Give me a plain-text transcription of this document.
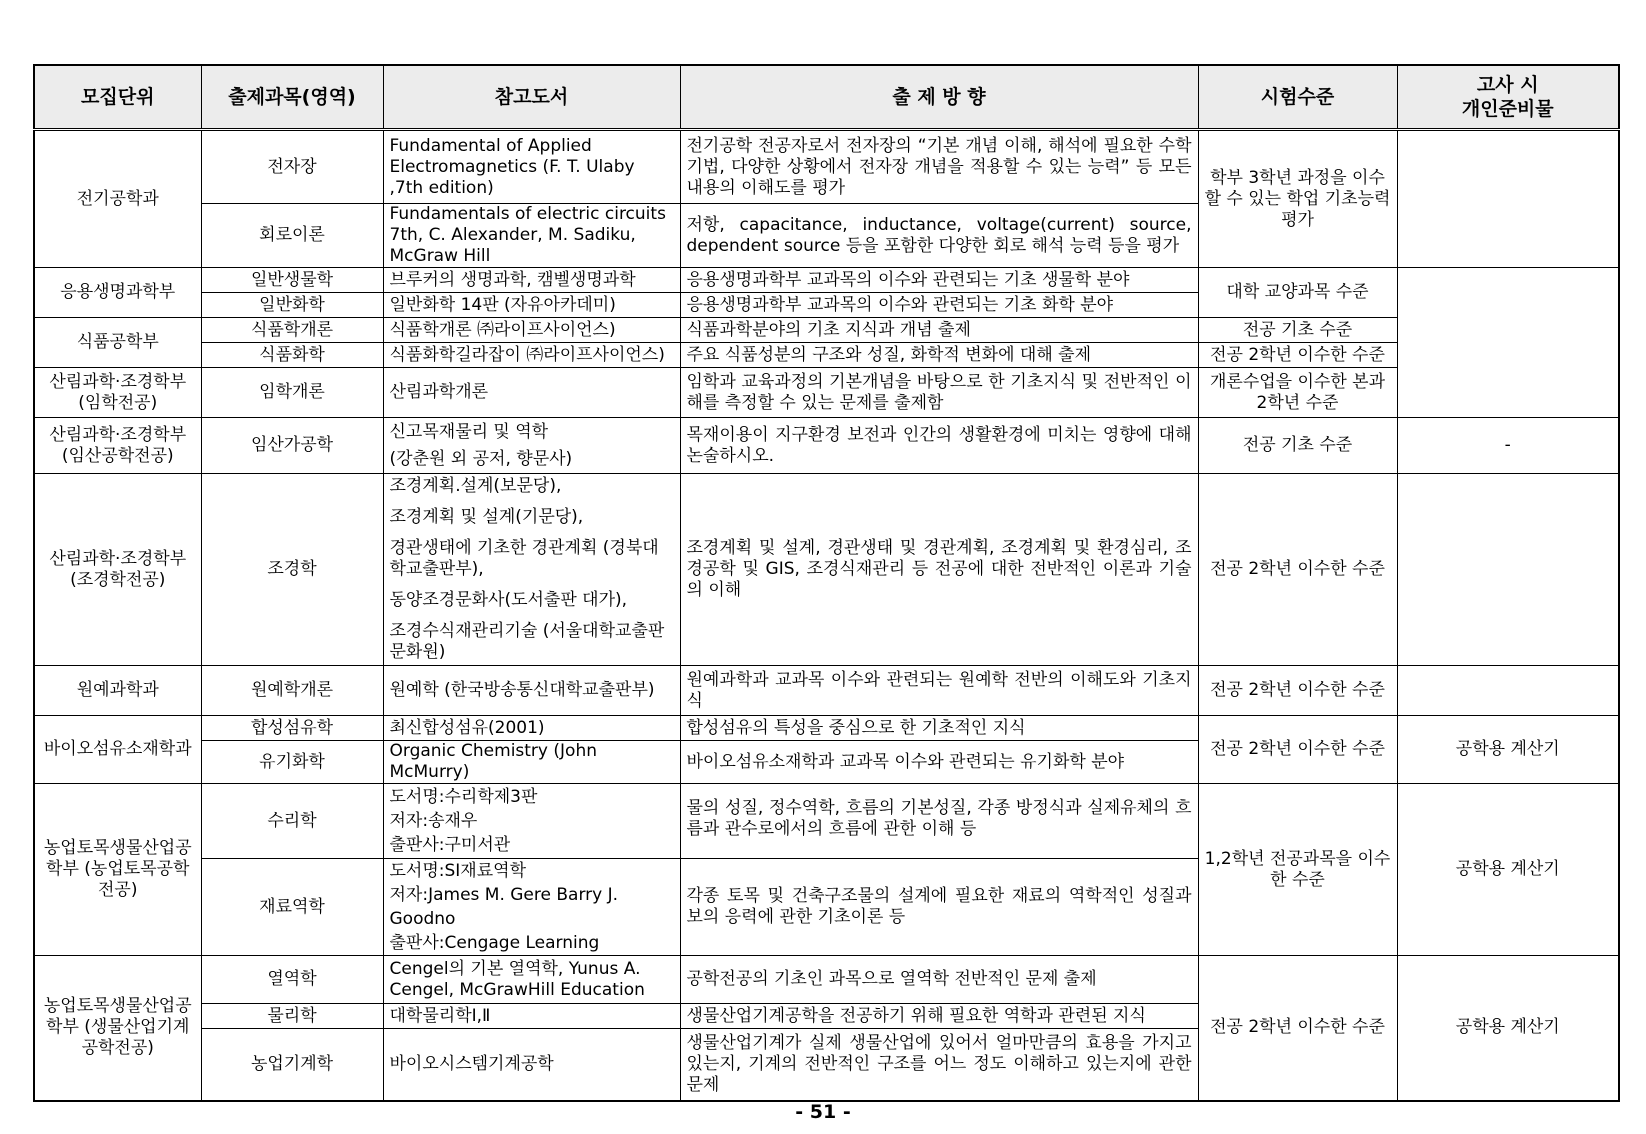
모집단위	출제과목(영역)	참고도서	출 제 방 향	시험수준	고사 시
개인준비물

전기공학과	전자장	Fundamental of Applied Electromagnetics (F. T. Ulaby ,7th edition)	전기공학 전공자로서 전자장의 “기본 개념 이해, 해석에 필요한 수학 기법, 다양한 상황에서 전자장 개념을 적용할 수 있는 능력” 등 모든 내용의 이해도를 평가	학부 3학년 과정을 이수할 수 있는 학업 기초능력 평가	
	회로이론	Fundamentals of electric circuits 7th, C. Alexander, M. Sadiku, McGraw Hill	저항, capacitance, inductance, voltage(current) source, dependent source 등을 포함한 다양한 회로 해석 능력 등을 평가		
응용생명과학부	일반생물학	브루커의 생명과학, 캠벨생명과학	응용생명과학부 교과목의 이수와 관련되는 기초 생물학 분야	대학 교양과목 수준	
	일반화학	일반화학 14판 (자유아카데미)	응용생명과학부 교과목의 이수와 관련되는 기초 화학 분야		
식품공학부	식품학개론	식품학개론 ㈜라이프사이언스)	식품과학분야의 기초 지식과 개념 출제	전공 기초 수준	
	식품화학	식품화학길라잡이 ㈜라이프사이언스)	주요 식품성분의 구조와 성질, 화학적 변화에 대해 출제	전공 2학년 이수한 수준	
산림과학·조경학부 (임학전공)	임학개론	산림과학개론	임학과 교육과정의 기본개념을 바탕으로 한 기초지식 및 전반적인 이해를 측정할 수 있는 문제를 출제함	개론수업을 이수한 본과 2학년 수준	
산림과학·조경학부 (임산공학전공)	임산가공학	신고목재물리 및 역학
(강춘원 외 공저, 향문사)	목재이용이 지구환경 보전과 인간의 생활환경에 미치는 영향에 대해 논술하시오.	전공 기초 수준	-
산림과학·조경학부 (조경학전공)	조경학	조경계획.설계(보문당),
조경계획 및 설계(기문당),
경관생태에 기초한 경관계획 (경북대학교출판부),
동양조경문화사(도서출판 대가),
조경수식재관리기술 (서울대학교출판문화원)	조경계획 및 설계, 경관생태 및 경관계획, 조경계획 및 환경심리, 조경공학 및 GIS, 조경식재관리 등 전공에 대한 전반적인 이론과 기술의 이해	전공 2학년 이수한 수준	
원예과학과	원예학개론	원예학 (한국방송통신대학교출판부)	원예과학과 교과목 이수와 관련되는 원예학 전반의 이해도와 기초지식	전공 2학년 이수한 수준	
바이오섬유소재학과	합성섬유학	최신합성섬유(2001)	합성섬유의 특성을 중심으로 한 기초적인 지식	전공 2학년 이수한 수준	공학용 계산기
	유기화학	Organic Chemistry (John McMurry)	바이오섬유소재학과 교과목 이수와 관련되는 유기화학 분야		
농업토목생물산업공학부 (농업토목공학전공)	수리학	도서명:수리학제3판
저자:송재우
출판사:구미서관	물의 성질, 정수역학, 흐름의 기본성질, 각종 방정식과 실제유체의 흐름과 관수로에서의 흐름에 관한 이해 등	1,2학년 전공과목을 이수한 수준	공학용 계산기
	재료역학	도서명:SI재료역학
저자:James M. Gere Barry J. Goodno
출판사:Cengage Learning	각종 토목 및 건축구조물의 설계에 필요한 재료의 역학적인 성질과 보의 응력에 관한 기초이론 등		
농업토목생물산업공학부 (생물산업기계공학전공)	열역학	Cengel의 기본 열역학, Yunus A. Cengel, McGrawHill Education	공학전공의 기초인 과목으로 열역학 전반적인 문제 출제	전공 2학년 이수한 수준	공학용 계산기
	물리학	대학물리학Ⅰ,Ⅱ	생물산업기계공학을 전공하기 위해 필요한 역학과 관련된 지식		
	농업기계학	바이오시스템기계공학	생물산업기계가 실제 생물산업에 있어서 얼마만큼의 효용을 가지고 있는지, 기계의 전반적인 구조를 어느 정도 이해하고 있는지에 관한 문제		
- 51 -
